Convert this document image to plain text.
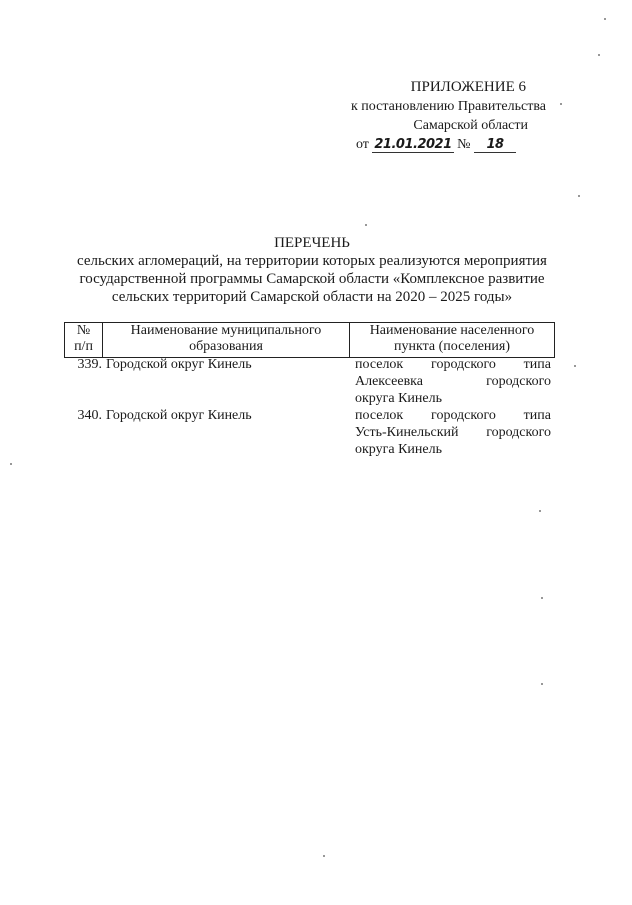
ПРИЛОЖЕНИЕ 6
к постановлению Правительства
Самарской области
от 21.01.2021 № 18
ПЕРЕЧЕНЬ
сельских агломераций, на территории которых реализуются мероприятия
государственной программы Самарской области «Комплексное развитие
сельских территорий Самарской области на 2020 – 2025 годы»
№
п/п
Наименование муниципального
образования
Наименование населенного
пункта (поселения)
339. Городской округ Кинель	поселок городского типа
Алексеевка городского
округа Кинель
340. Городской округ Кинель	поселок городского типа
Усть-Кинельский городского
округа Кинель
